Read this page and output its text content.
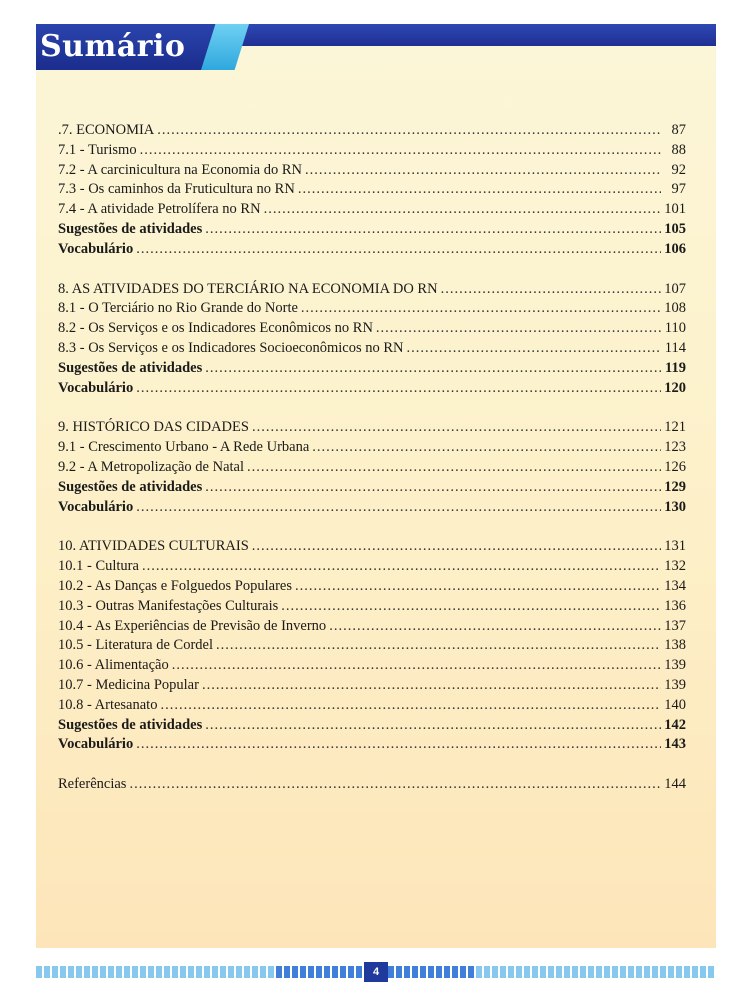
Sumário
.7. ECONOMIA .....	87
7.1 - Turismo .....	88
7.2 - A carcinicultura na Economia do RN .....	92
7.3 - Os caminhos da Fruticultura no RN .....	97
7.4 - A atividade Petrolífera no RN .....	101
Sugestões de atividades .....	105
Vocabulário .....	106
8. AS ATIVIDADES DO TERCIÁRIO NA ECONOMIA DO RN .....	107
8.1 - O Terciário no Rio Grande do Norte .....	108
8.2 - Os Serviços e os Indicadores Econômicos no RN .....	110
8.3 - Os Serviços e os Indicadores Socioeconômicos no RN .....	114
Sugestões de atividades .....	119
Vocabulário .....	120
9. HISTÓRICO DAS CIDADES .....	121
9.1 - Crescimento Urbano - A Rede Urbana .....	123
9.2 - A Metropolização de Natal .....	126
Sugestões de atividades .....	129
Vocabulário .....	130
10. ATIVIDADES CULTURAIS .....	131
10.1 - Cultura .....	132
10.2 - As Danças e Folguedos Populares .....	134
10.3 - Outras Manifestações Culturais .....	136
10.4 - As Experiências de Previsão de Inverno .....	137
10.5 - Literatura de Cordel .....	138
10.6 - Alimentação .....	139
10.7 - Medicina Popular .....	139
10.8 - Artesanato .....	140
Sugestões de atividades .....	142
Vocabulário .....	143
Referências .....	144
4
